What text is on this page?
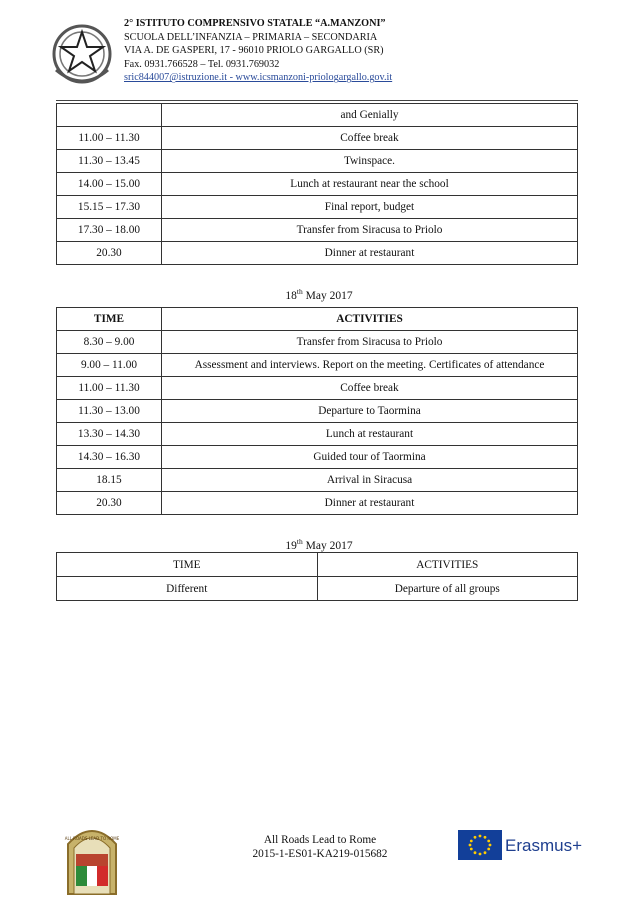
2° ISTITUTO COMPRENSIVO STATALE “A.MANZONI”
SCUOLA DELL’INFANZIA – PRIMARIA – SECONDARIA
VIA A. DE GASPERI, 17 - 96010 PRIOLO GARGALLO (SR)
Fax. 0931.766528 – Tel. 0931.769032
sric844007@istruzione.it - www.icsmanzoni-priologargallo.gov.it
	and Genially
11.00 – 11.30	Coffee break
11.30 – 13.45	Twinspace.
14.00 – 15.00	Lunch at restaurant near the school
15.15 – 17.30	Final report, budget
17.30 – 18.00	Transfer from Siracusa to Priolo
20.30	Dinner at restaurant
18th May 2017
TIME	ACTIVITIES
8.30 – 9.00	Transfer from Siracusa to Priolo
9.00 – 11.00	Assessment and interviews. Report on the meeting. Certificates of attendance
11.00 – 11.30	Coffee break
11.30 – 13.00	Departure to Taormina
13.30 – 14.30	Lunch at restaurant
14.30 – 16.30	Guided tour of Taormina
18.15	Arrival in Siracusa
20.30	Dinner at restaurant
19th May 2017
TIME	ACTIVITIES
Different	Departure of all groups
ALL ROADS LEAD TO ROME	All Roads Lead to Rome
2015-1-ES01-KA219-015682	Erasmus+
